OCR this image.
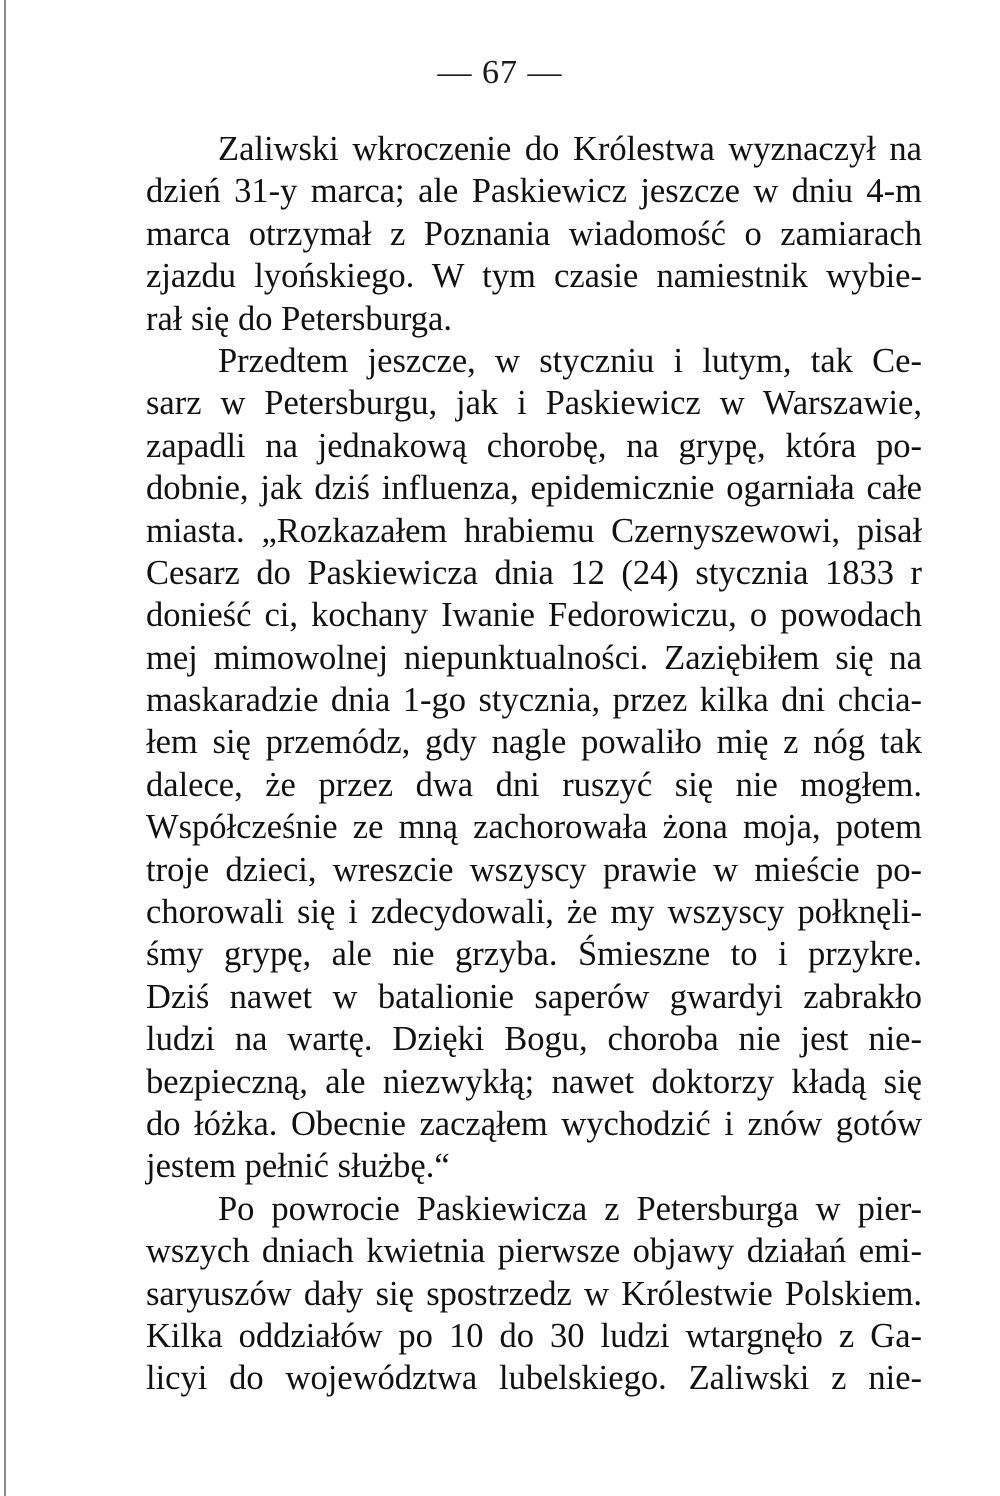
— 67 —
Zaliwski wkroczenie do Królestwa wyznaczył na
dzień 31-y marca; ale Paskiewicz jeszcze w dniu 4-m
marca otrzymał z Poznania wiadomość o zamiarach
zjazdu lyońskiego. W tym czasie namiestnik wybie-
rał się do Petersburga.
Przedtem jeszcze, w styczniu i lutym, tak Ce-
sarz w Petersburgu, jak i Paskiewicz w Warszawie,
zapadli na jednakową chorobę, na grypę, która po-
dobnie, jak dziś influenza, epidemicznie ogarniała całe
miasta. „Rozkazałem hrabiemu Czernyszewowi, pisał
Cesarz do Paskiewicza dnia 12 (24) stycznia 1833 r
donieść ci, kochany Iwanie Fedorowiczu, o powodach
mej mimowolnej niepunktualności. Zaziębiłem się na
maskaradzie dnia 1-go stycznia, przez kilka dni chcia-
łem się przemódz, gdy nagle powaliło mię z nóg tak
dalece, że przez dwa dni ruszyć się nie mogłem.
Współcześnie ze mną zachorowała żona moja, potem
troje dzieci, wreszcie wszyscy prawie w mieście po-
chorowali się i zdecydowali, że my wszyscy połknęli-
śmy grypę, ale nie grzyba. Śmieszne to i przykre.
Dziś nawet w batalionie saperów gwardyi zabrakło
ludzi na wartę. Dzięki Bogu, choroba nie jest nie-
bezpieczną, ale niezwykłą; nawet doktorzy kładą się
do łóżka. Obecnie zacząłem wychodzić i znów gotów
jestem pełnić służbę.“
Po powrocie Paskiewicza z Petersburga w pier-
wszych dniach kwietnia pierwsze objawy działań emi-
saryuszów dały się spostrzedz w Królestwie Polskiem.
Kilka oddziałów po 10 do 30 ludzi wtargnęło z Ga-
licyi do województwa lubelskiego. Zaliwski z nie-
